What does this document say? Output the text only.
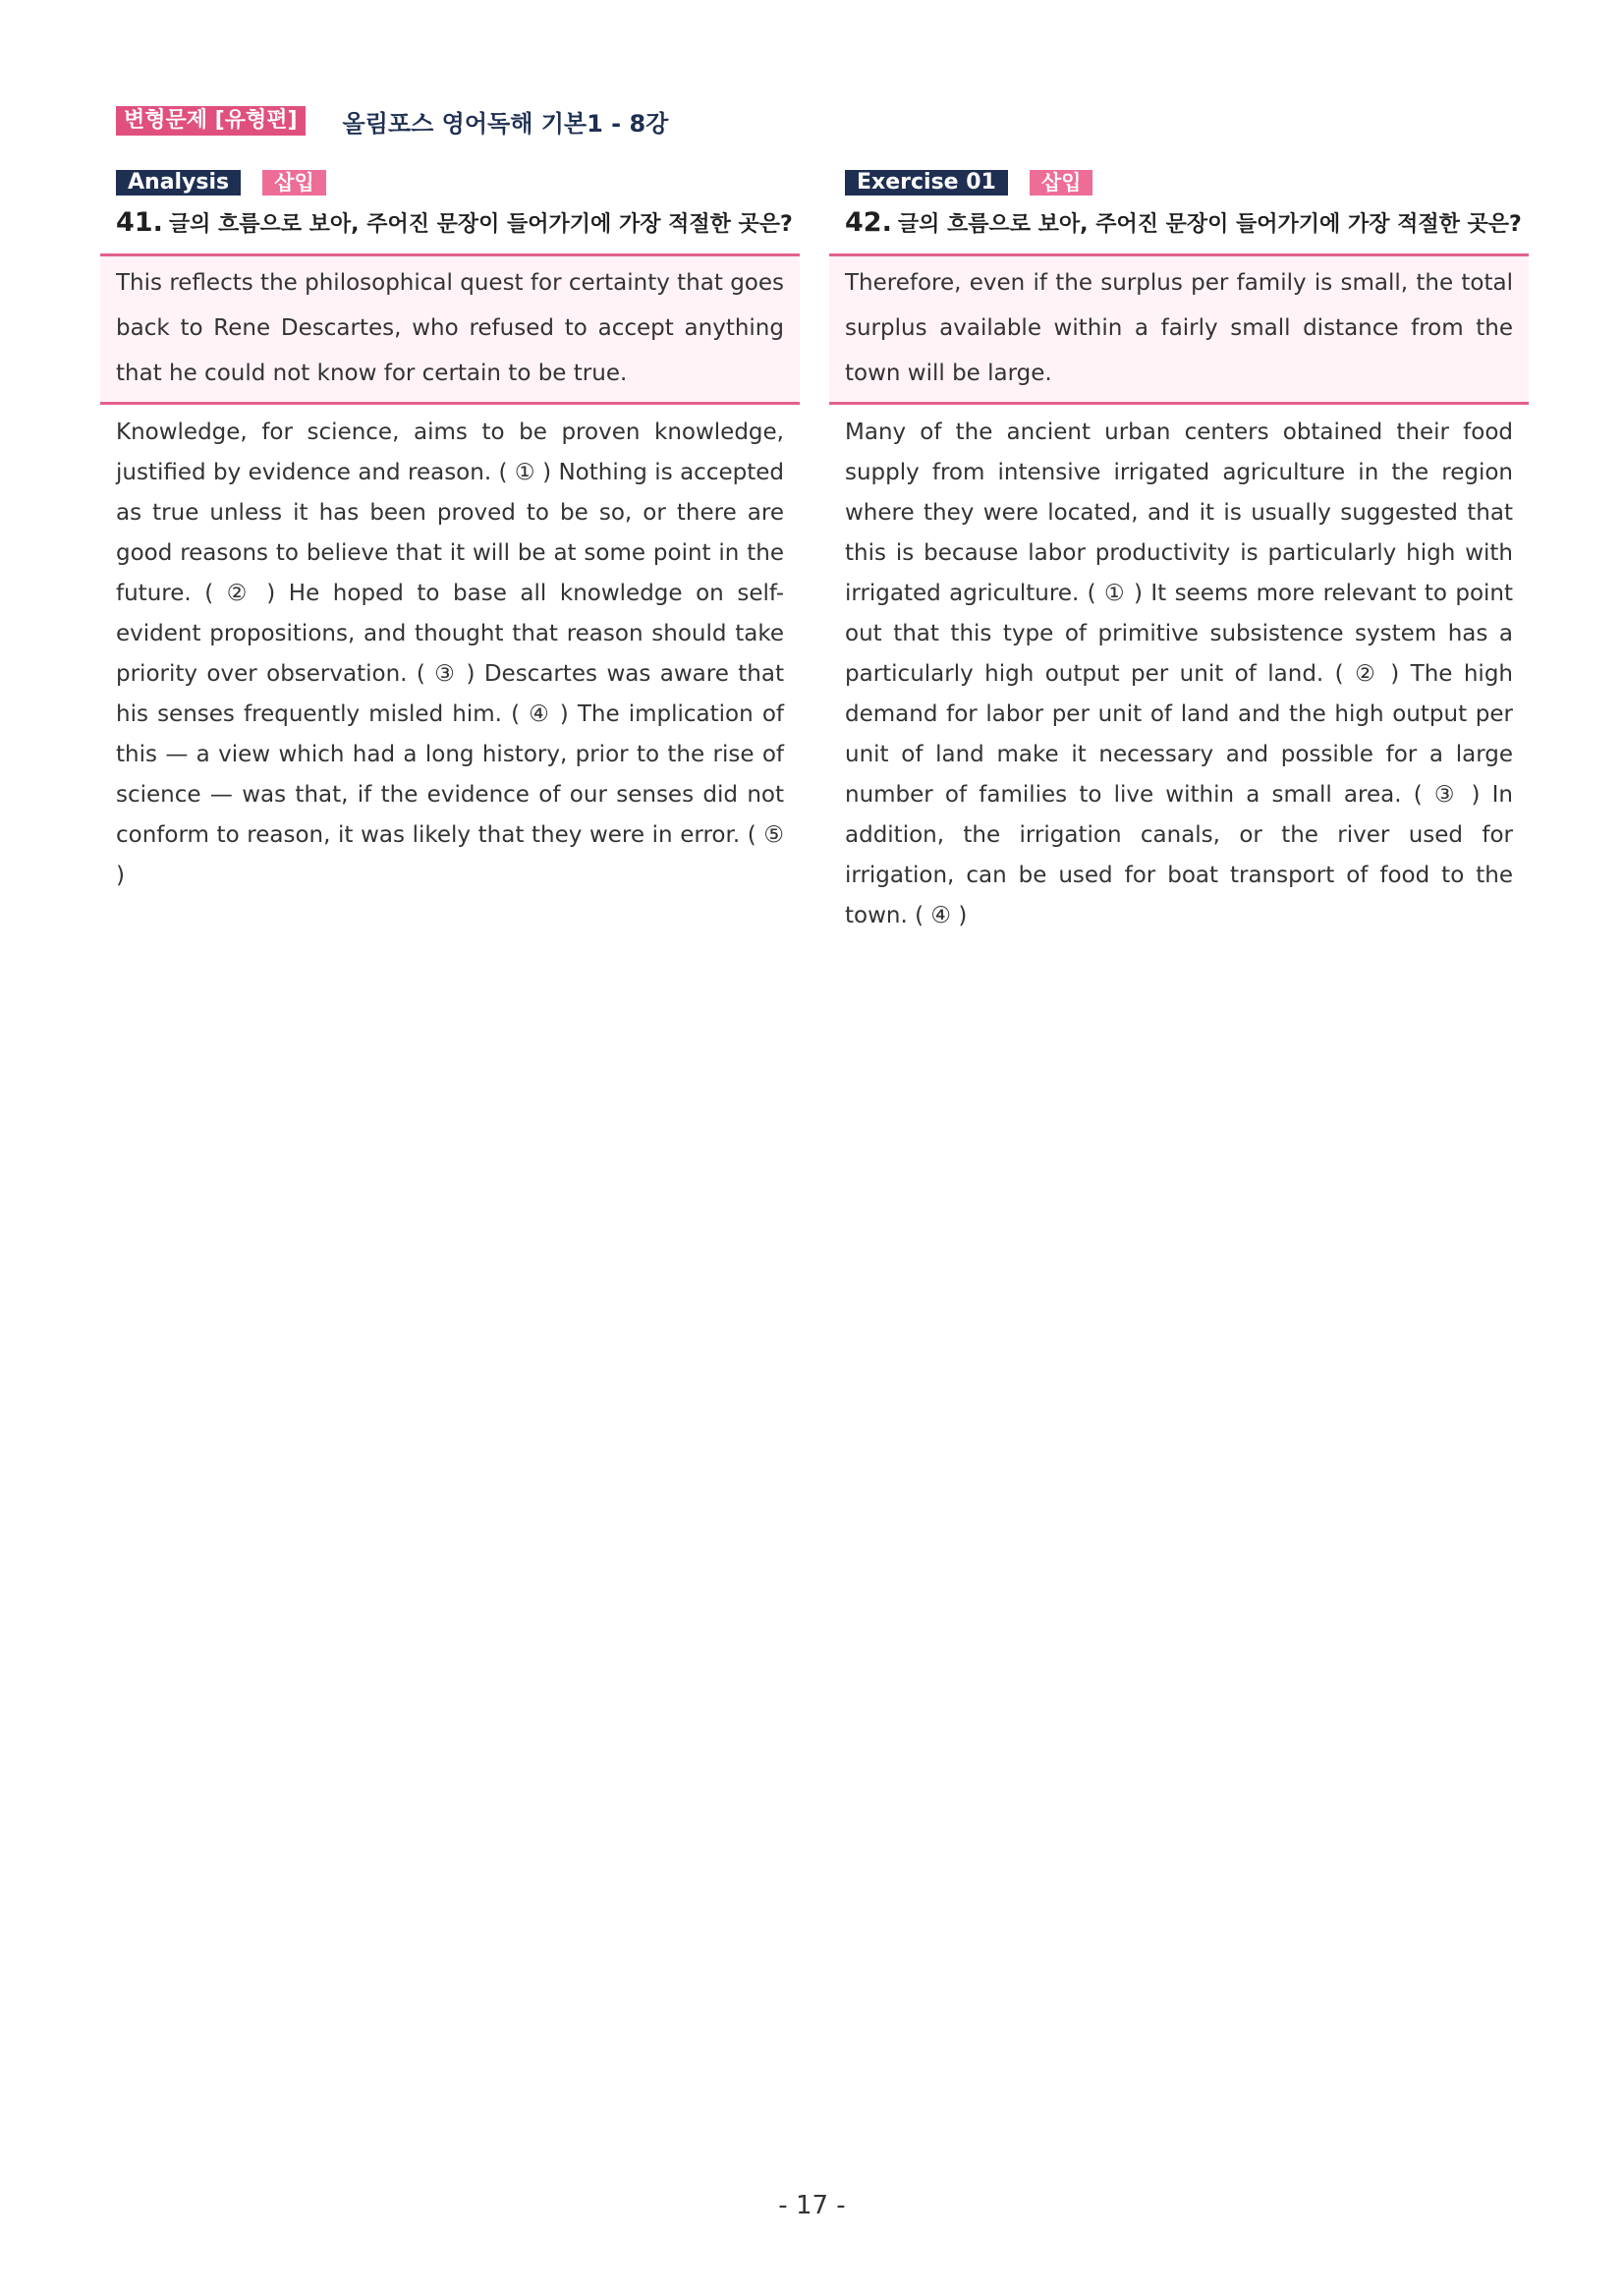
변형문제 [유형편]	올림포스 영어독해 기본1 - 8강
Analysis	삽입
41. 글의 흐름으로 보아, 주어진 문장이 들어가기에 가장 적절한 곳은?
This reflects the philosophical quest for certainty that goes back to Rene Descartes, who refused to accept anything that he could not know for certain to be true.
Knowledge, for science, aims to be proven knowledge, justified by evidence and reason. ( ① ) Nothing is accepted as true unless it has been proved to be so, or there are good reasons to believe that it will be at some point in the future. ( ② ) He hoped to base all knowledge on self-evident propositions, and thought that reason should take priority over observation. ( ③ ) Descartes was aware that his senses frequently misled him. ( ④ ) The implication of this — a view which had a long history, prior to the rise of science — was that, if the evidence of our senses did not conform to reason, it was likely that they were in error. ( ⑤ )
Exercise 01	삽입
42. 글의 흐름으로 보아, 주어진 문장이 들어가기에 가장 적절한 곳은?
Therefore, even if the surplus per family is small, the total surplus available within a fairly small distance from the town will be large.
Many of the ancient urban centers obtained their food supply from intensive irrigated agriculture in the region where they were located, and it is usually suggested that this is because labor productivity is particularly high with irrigated agriculture. ( ① ) It seems more relevant to point out that this type of primitive subsistence system has a particularly high output per unit of land. ( ② ) The high demand for labor per unit of land and the high output per unit of land make it necessary and possible for a large number of families to live within a small area. ( ③ ) In addition, the irrigation canals, or the river used for irrigation, can be used for boat transport of food to the town. ( ④ )
- 17 -
